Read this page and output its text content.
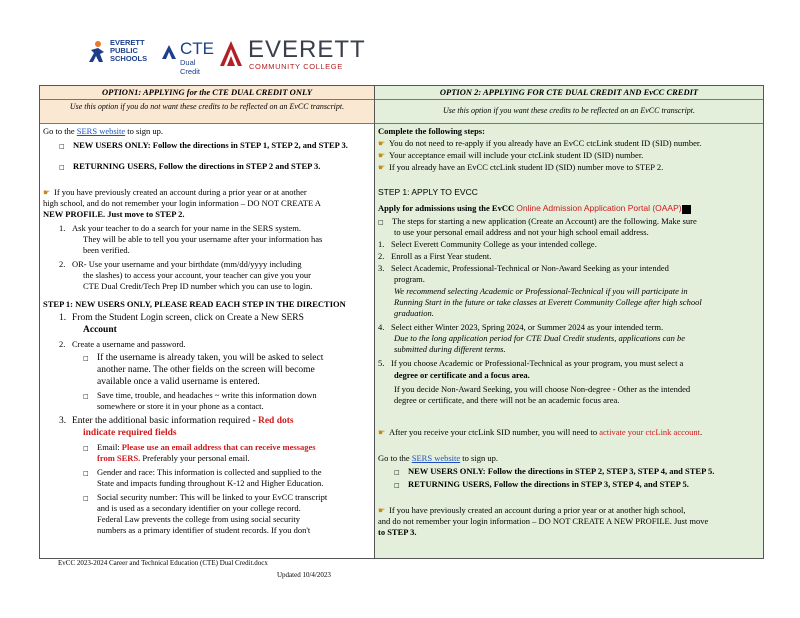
EVERETT
PUBLIC
SCHOOLS
CTE
Dual Credit
EVERETT
COMMUNITY COLLEGE
OPTION1: APPLYING for the CTE DUAL CREDIT ONLY
Use this option if you do not want these credits to be reflected on an EvCC transcript.
Go to the SERS website to sign up.
□ NEW USERS ONLY: Follow the directions in STEP 1, STEP 2, and STEP 3.
□ RETURNING USERS, Follow the directions in STEP 2 and STEP 3.
☛ If you have previously created an account during a prior year or at another
high school, and do not remember your login information – DO NOT CREATE A
NEW PROFILE. Just move to STEP 2.
1. Ask your teacher to do a search for your name in the SERS system.
They will be able to tell you your username after your information has
been verified.
2. OR- Use your username and your birthdate (mm/dd/yyyy including
the slashes) to access your account, your teacher can give you your
CTE Dual Credit/Tech Prep ID number which you can use to login.
STEP 1: NEW USERS ONLY, PLEASE READ EACH STEP IN THE DIRECTION
1. From the Student Login screen, click on Create a New SERS
Account
2. Create a username and password.
□ If the username is already taken, you will be asked to select
another name. The other fields on the screen will become
available once a valid username is entered.
□ Save time, trouble, and headaches ~ write this information down
somewhere or store it in your phone as a contact.
3. Enter the additional basic information required - Red dots
indicate required fields
□ Email: Please use an email address that can receive messages
from SERS. Preferably your personal email.
□ Gender and race: This information is collected and supplied to the
State and impacts funding throughout K-12 and Higher Education.
□ Social security number: This will be linked to your EvCC transcript
and is used as a secondary identifier on your college record.
Federal Law prevents the college from using social security
numbers as a primary identifier of student records. If you don't
OPTION 2: APPLYING FOR CTE DUAL CREDIT AND EvCC CREDIT
Use this option if you want these credits to be reflected on an EvCC transcript.
Complete the following steps:
☛ You do not need to re-apply if you already have an EvCC ctcLink student ID (SID) number.
☛ Your acceptance email will include your ctcLink student ID (SID) number.
☛ If you already have an EvCC ctcLink student ID (SID) number move to STEP 2.
STEP 1: APPLY TO EVCC
Apply for admissions using the EvCC Online Admission Application Portal (OAAP)
□ The steps for starting a new application (Create an Account) are the following. Make sure
to use your personal email address and not your high school email address.
1. Select Everett Community College as your intended college.
2. Enroll as a First Year student.
3. Select Academic, Professional-Technical or Non-Award Seeking as your intended
program.
We recommend selecting Academic or Professional-Technical if you will participate in
Running Start in the future or take classes at Everett Community College after high school
graduation.
4. Select either Winter 2023, Spring 2024, or Summer 2024 as your intended term.
Due to the long application period for CTE Dual Credit students, applications can be
submitted during different terms.
5. If you choose Academic or Professional-Technical as your program, you must select a
degree or certificate and a focus area.
If you decide Non-Award Seeking, you will choose Non-degree - Other as the intended
degree or certificate, and there will not be an academic focus area.
☛ After you receive your ctcLink SID number, you will need to activate your ctcLink account.
Go to the SERS website to sign up.
□ NEW USERS ONLY: Follow the directions in STEP 2, STEP 3, STEP 4, and STEP 5.
□ RETURNING USERS, Follow the directions in STEP 3, STEP 4, and STEP 5.
☛ If you have previously created an account during a prior year or at another high school,
and do not remember your login information – DO NOT CREATE A NEW PROFILE. Just move
to STEP 3.
EvCC 2023-2024 Career and Technical Education (CTE) Dual Credit.docx
Updated 10/4/2023
